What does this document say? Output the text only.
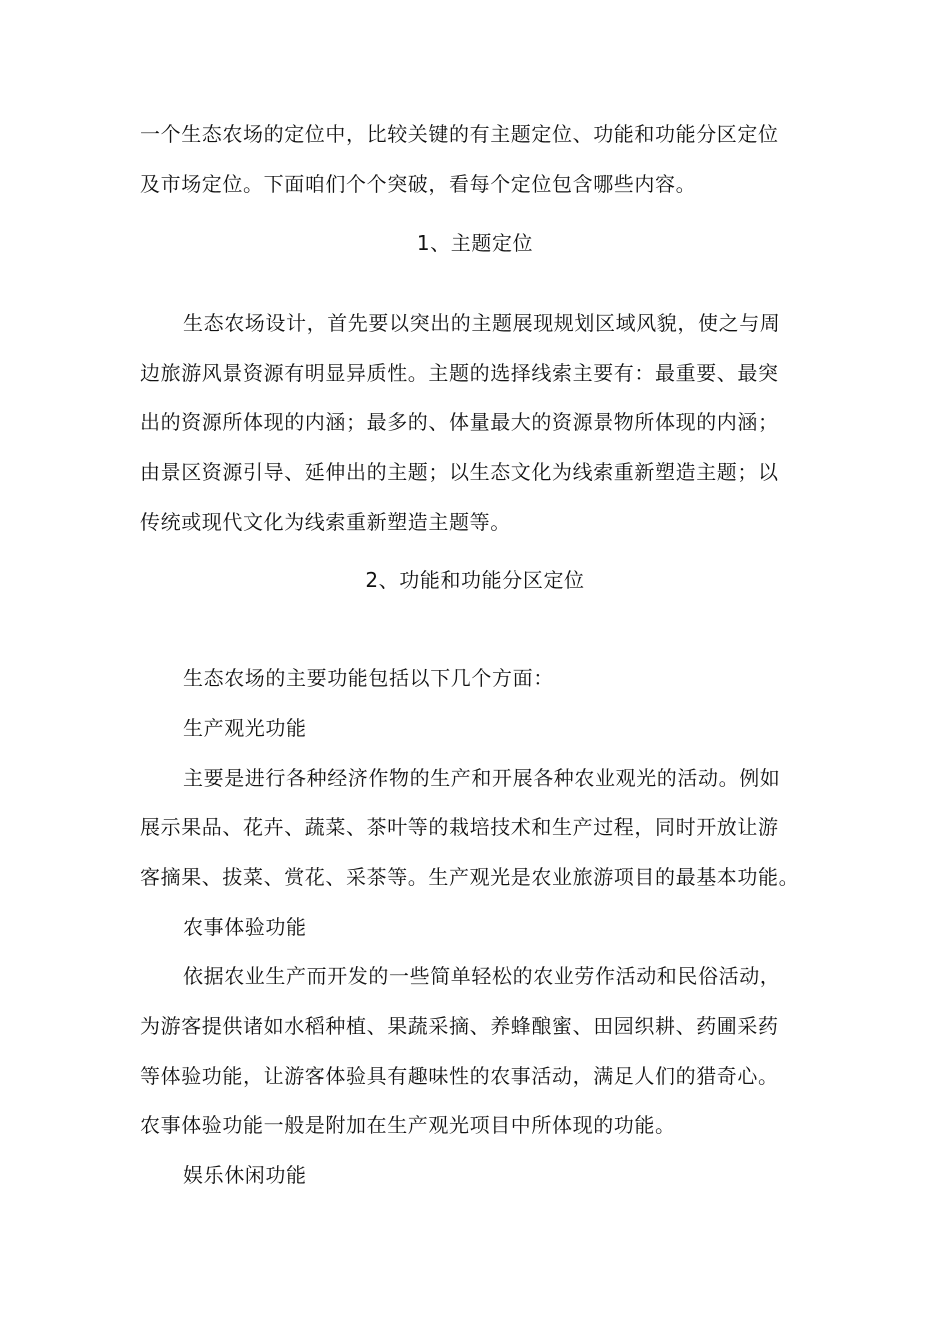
一个生态农场的定位中，比较关键的有主题定位、功能和功能分区定位
及市场定位。下面咱们个个突破，看每个定位包含哪些内容。
1、主题定位
生态农场设计，首先要以突出的主题展现规划区域风貌，使之与周
边旅游风景资源有明显异质性。主题的选择线索主要有：最重要、最突
出的资源所体现的内涵；最多的、体量最大的资源景物所体现的内涵；
由景区资源引导、延伸出的主题；以生态文化为线索重新塑造主题；以
传统或现代文化为线索重新塑造主题等。
2、功能和功能分区定位
生态农场的主要功能包括以下几个方面：
生产观光功能
主要是进行各种经济作物的生产和开展各种农业观光的活动。例如
展示果品、花卉、蔬菜、茶叶等的栽培技术和生产过程，同时开放让游
客摘果、拔菜、赏花、采茶等。生产观光是农业旅游项目的最基本功能。
农事体验功能
依据农业生产而开发的一些简单轻松的农业劳作活动和民俗活动，
为游客提供诸如水稻种植、果蔬采摘、养蜂酿蜜、田园织耕、药圃采药
等体验功能，让游客体验具有趣味性的农事活动，满足人们的猎奇心。
农事体验功能一般是附加在生产观光项目中所体现的功能。
娱乐休闲功能
